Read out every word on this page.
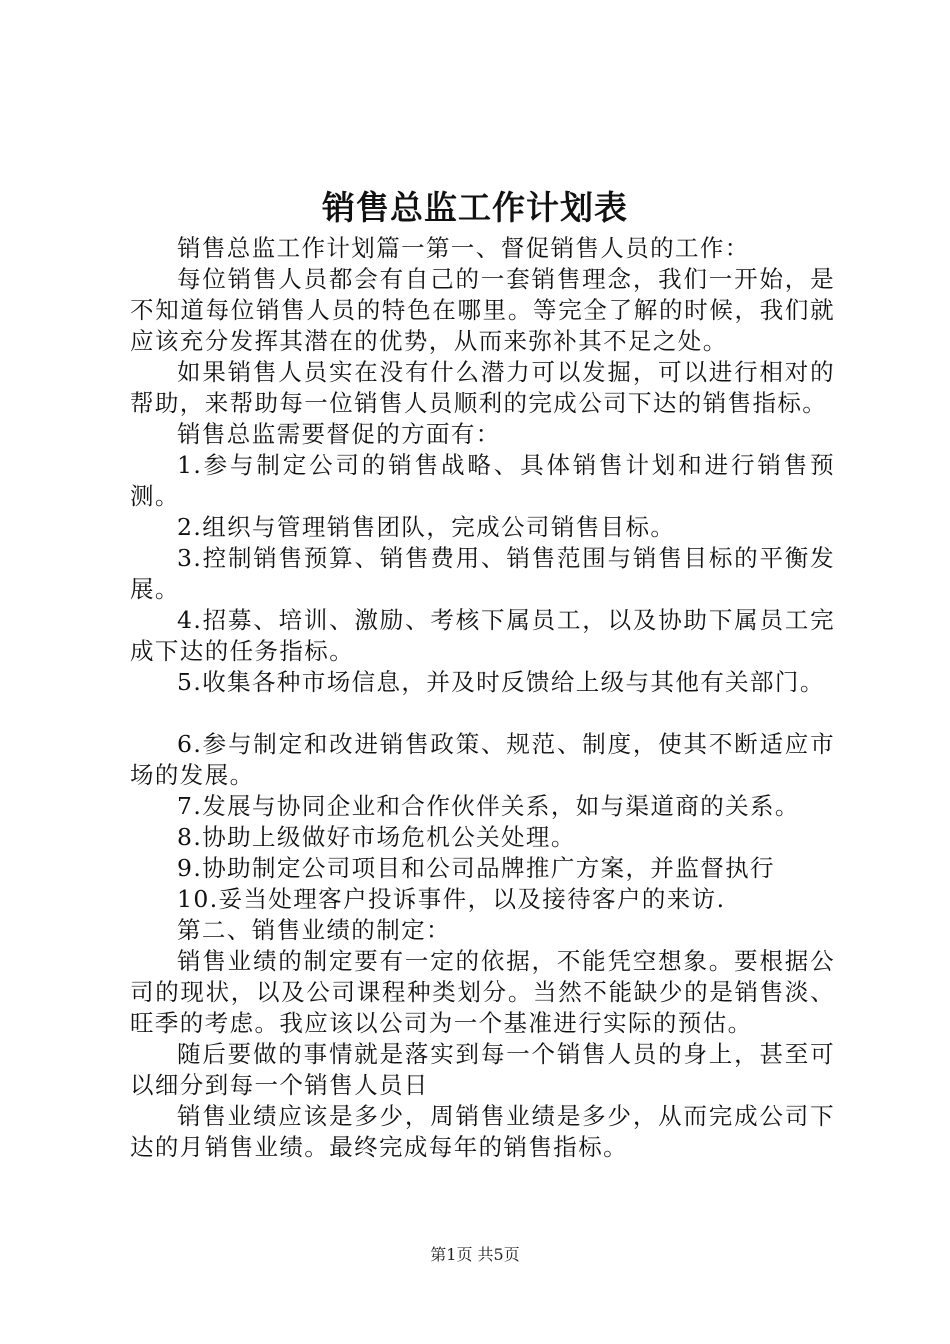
销售总监工作计划表

销售总监工作计划篇一第一、督促销售人员的工作：

每位销售人员都会有自己的一套销售理念，我们一开始，是不知道每位销售人员的特色在哪里。等完全了解的时候，我们就应该充分发挥其潜在的优势，从而来弥补其不足之处。

如果销售人员实在没有什么潜力可以发掘，可以进行相对的帮助，来帮助每一位销售人员顺利的完成公司下达的销售指标。

销售总监需要督促的方面有：

1.参与制定公司的销售战略、具体销售计划和进行销售预测。

2.组织与管理销售团队，完成公司销售目标。

3.控制销售预算、销售费用、销售范围与销售目标的平衡发展。

4.招募、培训、激励、考核下属员工，以及协助下属员工完成下达的任务指标。

5.收集各种市场信息，并及时反馈给上级与其他有关部门。

6.参与制定和改进销售政策、规范、制度，使其不断适应市场的发展。

7.发展与协同企业和合作伙伴关系，如与渠道商的关系。

8.协助上级做好市场危机公关处理。

9.协助制定公司项目和公司品牌推广方案，并监督执行

10.妥当处理客户投诉事件，以及接待客户的来访.

第二、销售业绩的制定：

销售业绩的制定要有一定的依据，不能凭空想象。要根据公司的现状，以及公司课程种类划分。当然不能缺少的是销售淡、旺季的考虑。我应该以公司为一个基准进行实际的预估。

随后要做的事情就是落实到每一个销售人员的身上，甚至可以细分到每一个销售人员日

销售业绩应该是多少，周销售业绩是多少，从而完成公司下达的月销售业绩。最终完成每年的销售指标。

第1页 共5页
